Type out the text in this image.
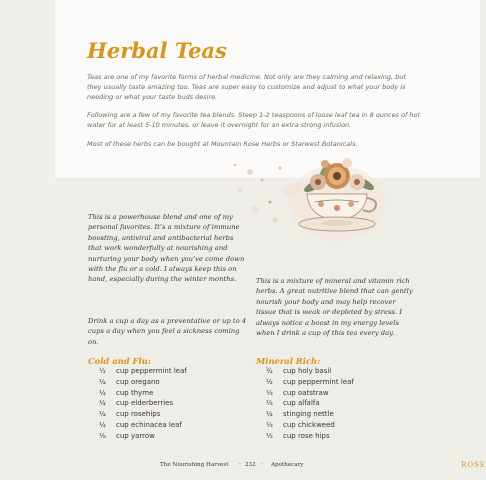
Herbal Teas

Teas are one of my favorite forms of herbal medicine. Not only are they calming and relaxing, but they usually taste amazing too. Teas are super easy to customize and adjust to what your body is needing or what your taste buds desire.

Following are a few of my favorite tea blends. Steep 1-2 teaspoons of loose leaf tea in 8 ounces of hot water for at least 5-10 minutes, or leave it overnight for an extra strong infusion.

Most of these herbs can be bought at Mountain Rose Herbs or Starwest Botanicals.

This is a powerhouse blend and one of my personal favorites. It’s a mixture of immune boosting, antiviral and antibacterial herbs that work wonderfully at nourishing and nurturing your body when you’ve come down with the flu or a cold. I always keep this on hand, especially during the winter months.

Drink a cup a day as a preventative or up to 4 cups a day when you feel a sickness coming on.

This is a mixture of mineral and vitamin rich herbs. A great nutritive blend that can gently nourish your body and may help recover tissue that is weak or depleted by stress. I always notice a boost in my energy levels when I drink a cup of this tea every day.

Cold and Flu:	Mineral Rich:
½ cup peppermint leaf
¼ cup oregano
¼ cup thyme
¼ cup elderberries
¼ cup rosehips
¼ cup echinacea leaf
⅛ cup yarrow
¾ cup holy basil
½ cup peppermint leaf
⅓ cup oatstraw
⅓ cup alfalfa
¼ stinging nettle
⅓ cup chickweed
⅓ cup rose hips
The Nourishing Harvest · 232 · Apothecary	ROSE
